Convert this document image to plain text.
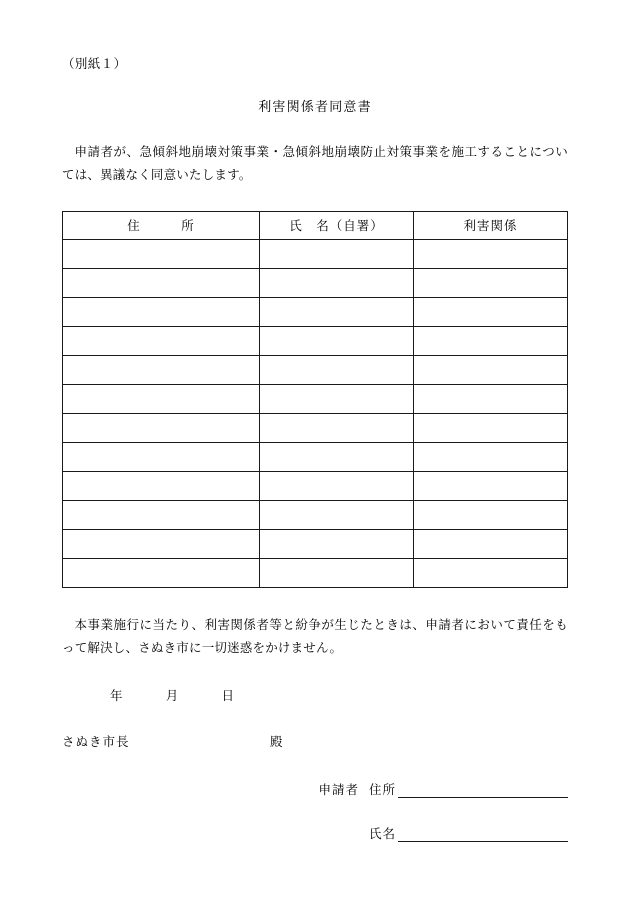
（別紙１）
利害関係者同意書
申請者が、急傾斜地崩壊対策事業・急傾斜地崩壊防止対策事業を施工することについては、異議なく同意いたします。
住　　　所	氏　名（自署）	利害関係

本事業施行に当たり、利害関係者等と紛争が生じたときは、申請者において責任をもって解決し、さぬき市に一切迷惑をかけません。
年	月	日
さぬき市長	殿
申請者 住所
氏名
